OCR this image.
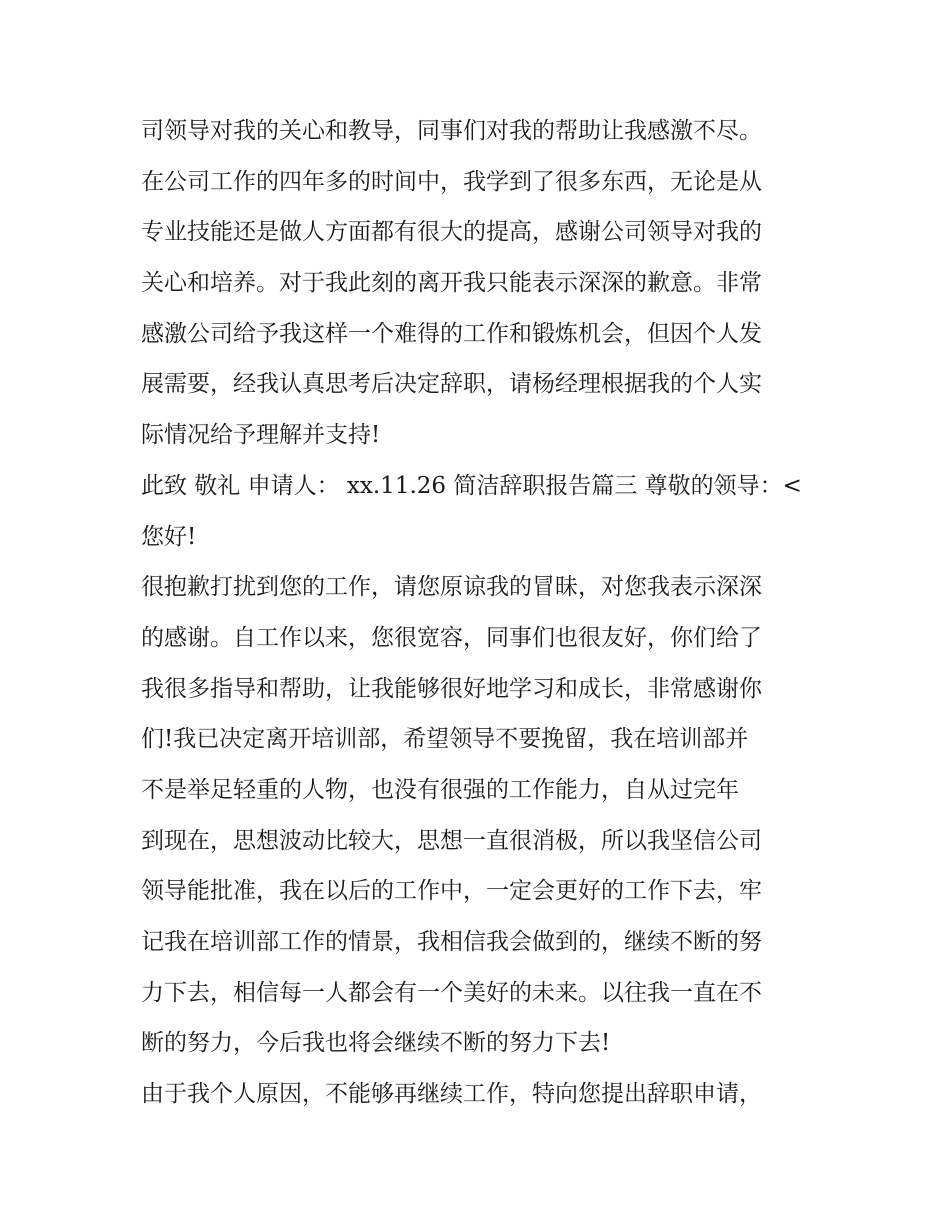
司领导对我的关心和教导，同事们对我的帮助让我感激不尽。
在公司工作的四年多的时间中，我学到了很多东西，无论是从
专业技能还是做人方面都有很大的提高，感谢公司领导对我的
关心和培养。对于我此刻的离开我只能表示深深的歉意。非常
感激公司给予我这样一个难得的工作和锻炼机会，但因个人发
展需要，经我认真思考后决定辞职，请杨经理根据我的个人实
际情况给予理解并支持!
此致 敬礼 申请人： xx.11.26 简洁辞职报告篇三 尊敬的领导：<
您好!
很抱歉打扰到您的工作，请您原谅我的冒昧，对您我表示深深
的感谢。自工作以来，您很宽容，同事们也很友好，你们给了
我很多指导和帮助，让我能够很好地学习和成长，非常感谢你
们!我已决定离开培训部，希望领导不要挽留，我在培训部并
不是举足轻重的人物，也没有很强的工作能力，自从过完年
到现在，思想波动比较大，思想一直很消极，所以我坚信公司
领导能批准，我在以后的工作中，一定会更好的工作下去，牢
记我在培训部工作的情景，我相信我会做到的，继续不断的努
力下去，相信每一人都会有一个美好的未来。以往我一直在不
断的努力，今后我也将会继续不断的努力下去!
由于我个人原因，不能够再继续工作，特向您提出辞职申请，
